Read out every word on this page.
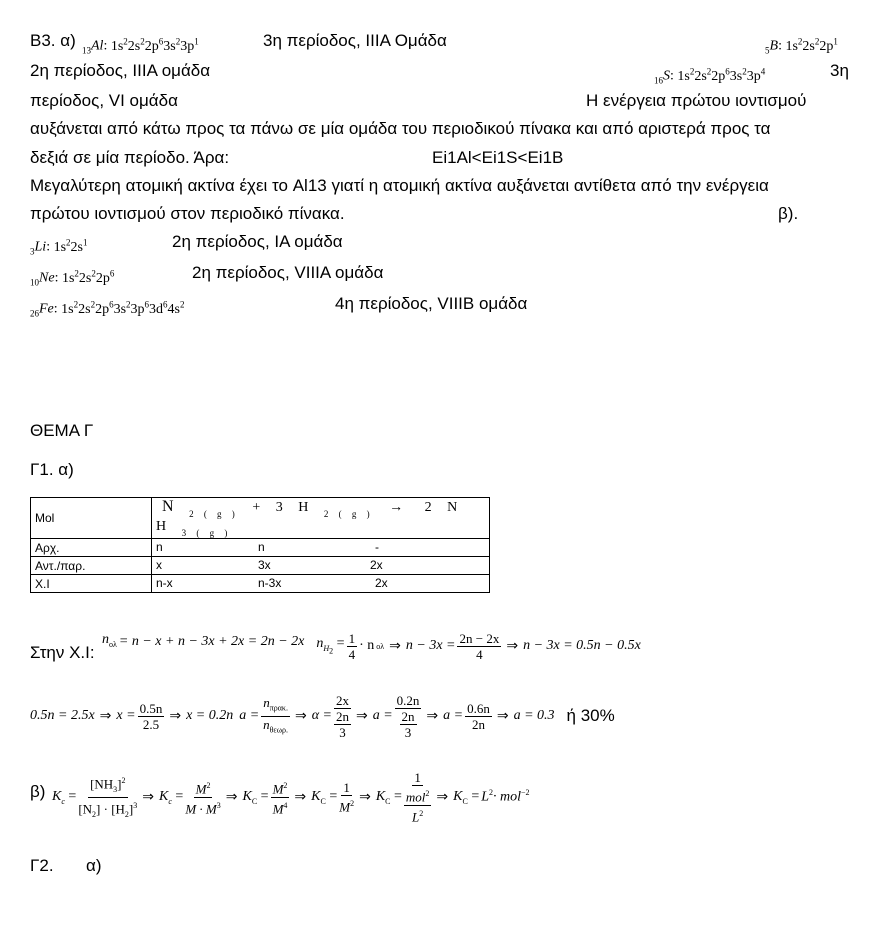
Β3. α)
$_{13}$Al: $1s^22s^22p^63s^23p^1$	3η περίοδος, ΙΙΙΑ Ομάδα
$_5$B: $1s^22s^22p^1$
2η περίοδος, ΙΙΙΑ ομάδα
$_{16}$S: $1s^22s^22p^63s^23p^4$	3η
περίοδος, VI ομάδα	Η ενέργεια πρώτου ιοντισμού
αυξάνεται από κάτω προς τα πάνω σε μία ομάδα του περιοδικού πίνακα και από αριστερά προς τα
δεξιά σε μία περίοδο. Άρα:	Ei1Al<Ei1S<Ei1B
Μεγαλύτερη ατομική ακτίνα έχει το Al13 γιατί η ατομική ακτίνα αυξάνεται αντίθετα από την ενέργεια
πρώτου ιοντισμού στον περιοδικό πίνακα.	β).
$_3$Li: $1s^22s^1$	2η περίοδος, ΙΑ ομάδα
$_{10}$Ne: $1s^22s^22p^6$	2η περίοδος, VIIIA ομάδα
$_{26}$Fe: $1s^22s^22p^63s^23p^63d^64s^2$	4η περίοδος, VIIIB ομάδα
ΘΕΜΑ Γ
Γ1. α)
Mol	N $_{2 ( g )}$ + 3 H $_{2 ( g )}$ → 2 N H $_{3 ( g )}$
Αρχ.	n n -

Αντ./παρ.	x 3x 2x

X.I	n-x n-3x 2x
Στην Χ.Ι:
$n_{o\lambda} = n - x + n - 3x + 2x = 2n - 2x$ $n_{H_2} = \frac{1}{4} \cdot n$ ολ ⇒ $n - 3x = \frac{2n - 2x}{4}$ ⇒ n − 3x = 0.5n − 0.5x
0.5n = 2.5x ⇒ $x = \frac{0.5n}{2.5}$ ⇒ x = 0.2n $a = \frac{n_{\pi\rho\alpha\kappa.}}{n_{\theta\varepsilon\omega\rho.}}$ ⇒ $\alpha = \frac{2x}{\frac{2n}{3}}$ ⇒ $a = \frac{0.2n}{\frac{2n}{3}}$ ⇒ $a = \frac{0.6n}{2n}$ ⇒ a = 0.3 ή 30%
β) $K_c = \frac{[NH_3]^2}{[N_2] \cdot [H_2]^3}$ ⇒ $K_c = \frac{M^2}{M \cdot M^3}$ ⇒ $K_C = \frac{M^2}{M^4}$ ⇒ $K_C = \frac{1}{M^2}$ ⇒ $K_C = \frac{1}{\frac{mol^2}{L^2}}$ ⇒ $K_C = L^2\cdot mol^{-2}$
Γ2. α)
